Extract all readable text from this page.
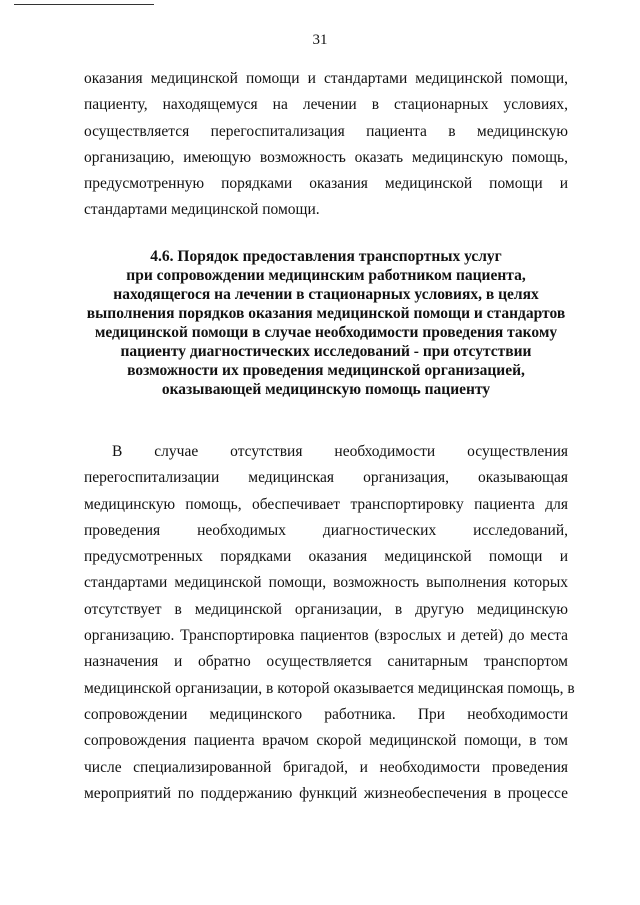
31
оказания медицинской помощи и стандартами медицинской помощи,
пациенту, находящемуся на лечении в стационарных условиях,
осуществляется перегоспитализация пациента в медицинскую
организацию, имеющую возможность оказать медицинскую помощь,
предусмотренную порядками оказания медицинской помощи и
стандартами медицинской помощи.
4.6. Порядок предоставления транспортных услуг
при сопровождении медицинским работником пациента,
находящегося на лечении в стационарных условиях, в целях
выполнения порядков оказания медицинской помощи и стандартов
медицинской помощи в случае необходимости проведения такому
пациенту диагностических исследований - при отсутствии
возможности их проведения медицинской организацией,
оказывающей медицинскую помощь пациенту
В случае отсутствия необходимости осуществления
перегоспитализации медицинская организация, оказывающая
медицинскую помощь, обеспечивает транспортировку пациента для
проведения необходимых диагностических исследований,
предусмотренных порядками оказания медицинской помощи и
стандартами медицинской помощи, возможность выполнения которых
отсутствует в медицинской организации, в другую медицинскую
организацию. Транспортировка пациентов (взрослых и детей) до места
назначения и обратно осуществляется санитарным транспортом
медицинской организации, в которой оказывается медицинская помощь, в
сопровождении медицинского работника. При необходимости
сопровождения пациента врачом скорой медицинской помощи, в том
числе специализированной бригадой, и необходимости проведения
мероприятий по поддержанию функций жизнеобеспечения в процессе
